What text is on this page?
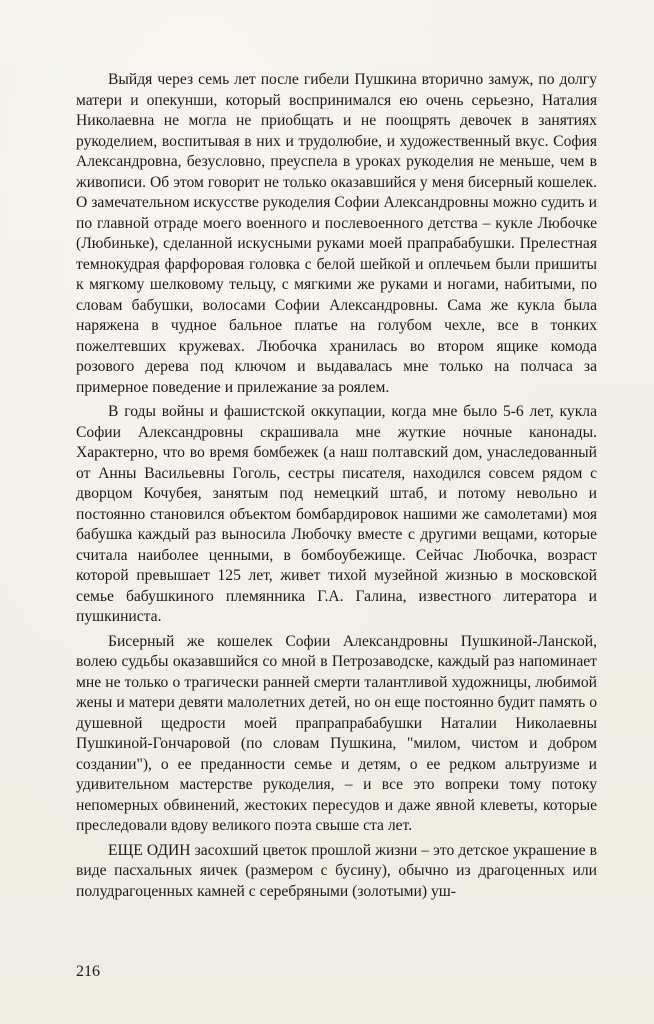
Выйдя через семь лет после гибели Пушкина вторично замуж, по долгу матери и опекунши, который воспринимался ею очень серьезно, Наталия Николаевна не могла не приобщать и не поощрять девочек в занятиях рукоделием, воспитывая в них и трудолюбие, и художественный вкус. София Александровна, безусловно, преуспела в уроках рукоделия не меньше, чем в живописи. Об этом говорит не только оказавшийся у меня бисерный кошелек. О замечательном искусстве рукоделия Софии Александровны можно судить и по главной отраде моего военного и послевоенного детства – кукле Любочке (Любиньке), сделанной искусными руками моей прапрабабушки. Прелестная темнокудрая фарфоровая головка с белой шейкой и оплечьем были пришиты к мягкому шелковому тельцу, с мягкими же руками и ногами, набитыми, по словам бабушки, волосами Софии Александровны. Сама же кукла была наряжена в чудное бальное платье на голубом чехле, все в тонких пожелтевших кружевах. Любочка хранилась во втором ящике комода розового дерева под ключом и выдавалась мне только на полчаса за примерное поведение и прилежание за роялем.

В годы войны и фашистской оккупации, когда мне было 5-6 лет, кукла Софии Александровны скрашивала мне жуткие ночные канонады. Характерно, что во время бомбежек (а наш полтавский дом, унаследованный от Анны Васильевны Гоголь, сестры писателя, находился совсем рядом с дворцом Кочубея, занятым под немецкий штаб, и потому невольно и постоянно становился объектом бомбардировок нашими же самолетами) моя бабушка каждый раз выносила Любочку вместе с другими вещами, которые считала наиболее ценными, в бомбоубежище. Сейчас Любочка, возраст которой превышает 125 лет, живет тихой музейной жизнью в московской семье бабушкиного племянника Г.А. Галина, известного литератора и пушкиниста.

Бисерный же кошелек Софии Александровны Пушкиной-Ланской, волею судьбы оказавшийся со мной в Петрозаводске, каждый раз напоминает мне не только о трагически ранней смерти талантливой художницы, любимой жены и матери девяти малолетних детей, но он еще постоянно будит память о душевной щедрости моей прапрапрабабушки Наталии Николаевны Пушкиной-Гончаровой (по словам Пушкина, "милом, чистом и добром создании"), о ее преданности семье и детям, о ее редком альтруизме и удивительном мастерстве рукоделия, – и все это вопреки тому потоку непомерных обвинений, жестоких пересудов и даже явной клеветы, которые преследовали вдову великого поэта свыше ста лет.

ЕЩЕ ОДИН засохший цветок прошлой жизни – это детское украшение в виде пасхальных яичек (размером с бусину), обычно из драгоценных или полудрагоценных камней с серебряными (золотыми) уш-

216
